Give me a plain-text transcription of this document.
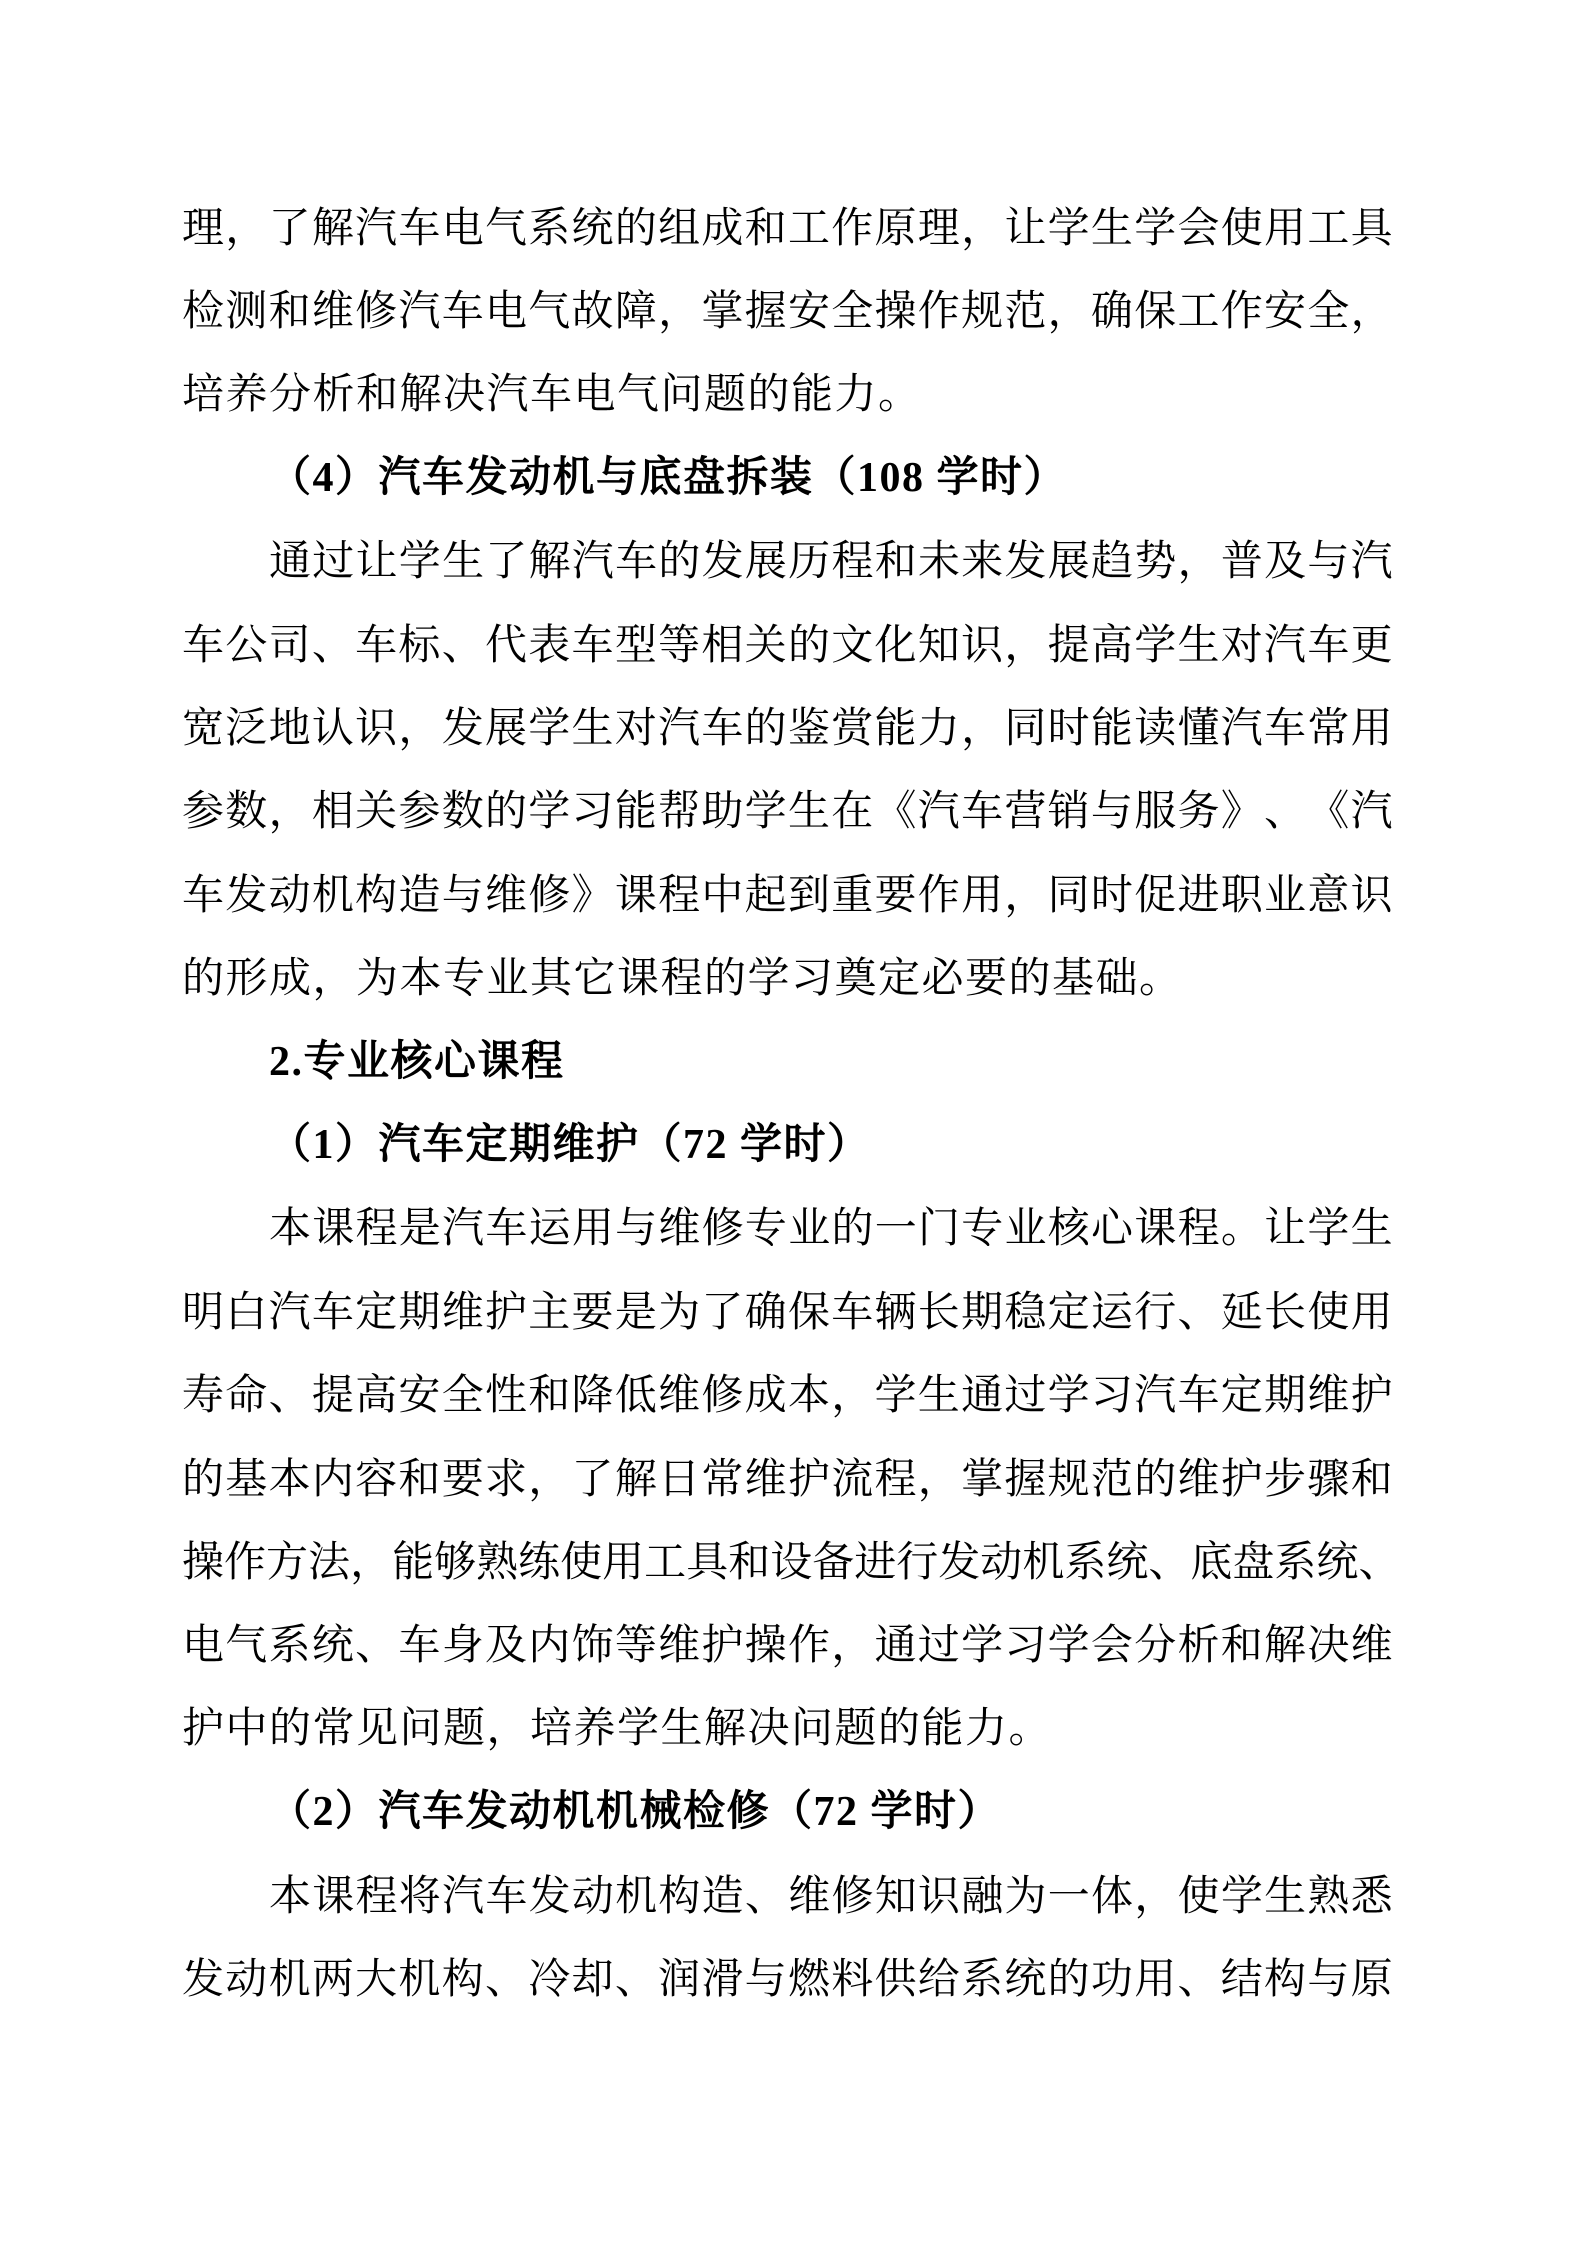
理 ， 了 解 汽 车 电 气 系 统 的 组 成 和 工 作 原 理 ， 让 学 生 学 会 使 用 工 具
检 测 和 维 修 汽 车 电 气 故 障 ， 掌 握 安 全 操 作 规 范 ， 确 保 工 作 安 全 ，
培养分析和解决汽车电气问题的能力。
（4）汽车发动机与底盘拆装（108 学时）
通 过 让 学 生 了 解 汽 车 的 发 展 历 程 和 未 来 发 展 趋 势 ， 普 及 与 汽
车 公 司 、 车 标 、 代 表 车 型 等 相 关 的 文 化 知 识 ， 提 高 学 生 对 汽 车 更
宽 泛 地 认 识 ， 发 展 学 生 对 汽 车 的 鉴 赏 能 力 ， 同 时 能 读 懂 汽 车 常 用
参 数 ， 相 关 参 数 的 学 习 能 帮 助 学 生 在 《 汽 车 营 销 与 服 务 》 、 《 汽
车 发 动 机 构 造 与 维 修 》 课 程 中 起 到 重 要 作 用 ， 同 时 促 进 职 业 意 识
的形成，为本专业其它课程的学习奠定必要的基础。
2.专业核心课程
（1）汽车定期维护（72 学时）
本 课 程 是 汽 车 运 用 与 维 修 专 业 的 一 门 专 业 核 心 课 程 。 让 学 生
明 白 汽 车 定 期 维 护 主 要 是 为 了 确 保 车 辆 长 期 稳 定 运 行 、 延 长 使 用
寿 命 、 提 高 安 全 性 和 降 低 维 修 成 本 ， 学 生 通 过 学 习 汽 车 定 期 维 护
的 基 本 内 容 和 要 求 ， 了 解 日 常 维 护 流 程 ， 掌 握 规 范 的 维 护 步 骤 和
操 作 方 法 ， 能 够 熟 练 使 用 工 具 和 设 备 进 行 发 动 机 系 统 、 底 盘 系 统 、
电 气 系 统 、 车 身 及 内 饰 等 维 护 操 作 ， 通 过 学 习 学 会 分 析 和 解 决 维
护中的常见问题，培养学生解决问题的能力。
（2）汽车发动机机械检修（72 学时）
本 课 程 将 汽 车 发 动 机 构 造 、 维 修 知 识 融 为 一 体 ， 使 学 生 熟 悉
发 动 机 两 大 机 构 、 冷 却 、 润 滑 与 燃 料 供 给 系 统 的 功 用 、 结 构 与 原
